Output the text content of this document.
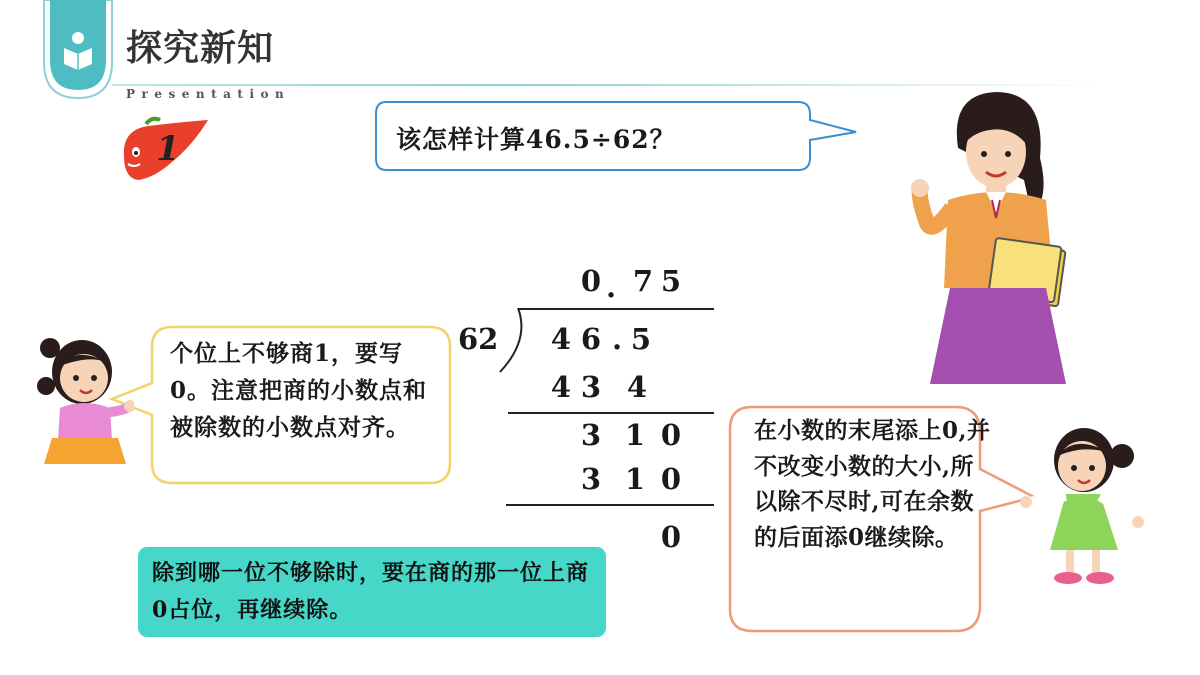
探究新知
Presentation
1	该怎样计算46.5÷62？
个位上不够商1，要写0。注意把商的小数点和被除数的小数点对齐。	在小数的末尾添上0,并不改变小数的大小,所以除不尽时,可在余数的后面添0继续除。
除到哪一位不够除时，要在商的那一位上商0占位，再继续除。
0 . 7 5
62 4 6 . 5
4 3 4
3 1 0
3 1 0
0
